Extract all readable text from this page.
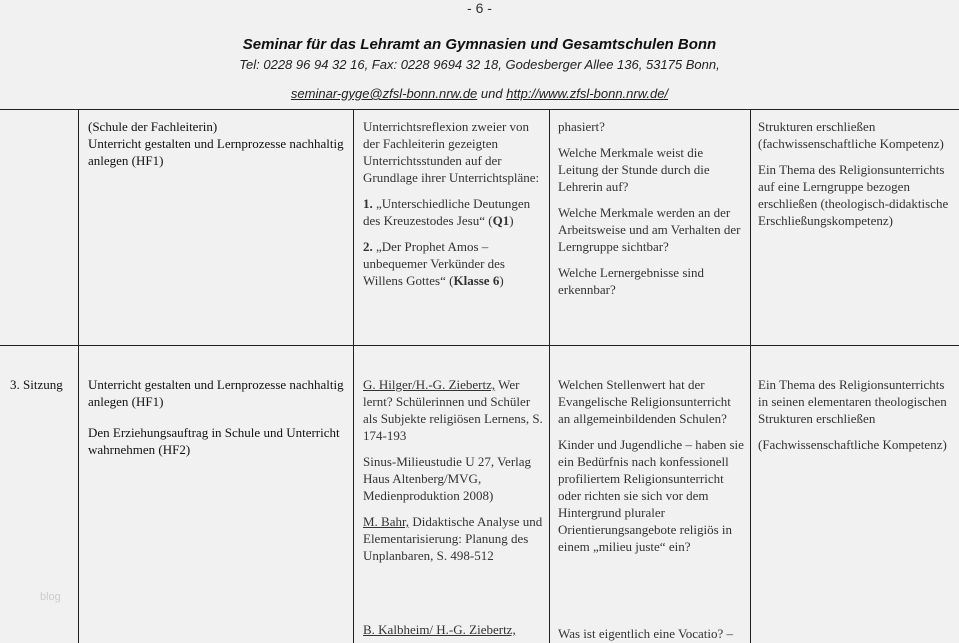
- 6 -
Seminar für das Lehramt an Gymnasien und Gesamtschulen Bonn
Tel: 0228 96 94 32 16, Fax: 0228 9694 32 18, Godesberger Allee 136, 53175 Bonn,
seminar-gyge@zfsl-bonn.nrw.de und http://www.zfsl-bonn.nrw.de/

(Schule der Fachleiterin)

Unterricht gestalten und Lernprozesse nachhaltig anlegen (HF1)

Unterrichtsreflexion zweier von der Fachleiterin gezeigten Unterrichtsstunden auf der Grundlage ihrer Unterrichtspläne:

1. „Unterschiedliche Deutungen des Kreuzestodes Jesu“ (Q1)

2. „Der Prophet Amos – unbequemer Verkünder des Willens Gottes“ (Klasse 6)

phasiert?

Welche Merkmale weist die Leitung der Stunde durch die Lehrerin auf?

Welche Merkmale werden an der Arbeitsweise und am Verhalten der Lerngruppe sichtbar?

Welche Lernergebnisse sind erkennbar?

Strukturen erschließen (fachwissenschaftliche Kompetenz)

Ein Thema des Religionsunterrichts auf eine Lerngruppe bezogen erschließen (theologisch-didaktische Erschließungskompetenz)

3. Sitzung	Unterricht gestalten und Lernprozesse nachhaltig anlegen (HF1)

Den Erziehungsauftrag in Schule und Unterricht wahrnehmen (HF2)

G. Hilger/H.-G. Ziebertz, Wer lernt? Schülerinnen und Schüler als Subjekte religiösen Lernens, S. 174-193

Sinus-Milieustudie U 27, Verlag Haus Altenberg/MVG, Medienproduktion 2008)

M. Bahr, Didaktische Analyse und Elementarisierung: Planung des Unplanbaren, S. 498-512

B. Kalbheim/ H.-G. Ziebertz,

Welchen Stellenwert hat der Evangelische Religionsunterricht an allgemeinbildenden Schulen?

Kinder und Jugendliche – haben sie ein Bedürfnis nach konfessionell profiliertem Religionsunterricht oder richten sie sich vor dem Hintergrund pluraler Orientierungsangebote religiös in einem „milieu juste“ ein?

Was ist eigentlich eine Vocatio? –

Ein Thema des Religionsunterrichts in seinen elementaren theologischen Strukturen erschließen

(Fachwissenschaftliche Kompetenz)

blog
